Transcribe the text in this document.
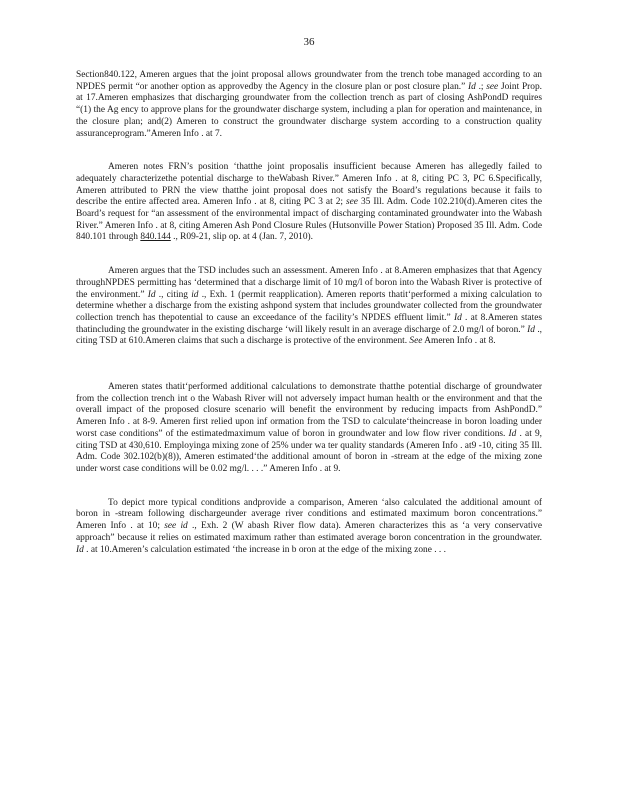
36

Section840.122, Ameren argues that the joint proposal allows groundwater from the trench tobe managed according to an NPDES permit “or another option as approvedby the Agency in the closure plan or post closure plan.” Id .; see Joint Prop. at 17.Ameren emphasizes that discharging groundwater from the collection trench as part of closing AshPondD requires “(1) the Ag ency to approve plans for the groundwater discharge system, including a plan for operation and maintenance, in the closure plan; and(2) Ameren to construct the groundwater discharge system according to a construction quality assuranceprogram.”Ameren Info . at 7.

Ameren notes FRN’s position ‘thatthe joint proposalis insufficient because Ameren has allegedly failed to adequately characterizethe potential discharge to theWabash River.” Ameren Info . at 8, citing PC 3, PC 6.Specifically, Ameren attributed to PRN the view thatthe joint proposal does not satisfy the Board’s regulations because it fails to describe the entire affected area. Ameren Info . at 8, citing PC 3 at 2; see 35 Ill. Adm. Code 102.210(d).Ameren cites the Board’s request for “an assessment of the environmental impact of discharging contaminated groundwater into the Wabash River.” Ameren Info . at 8, citing Ameren Ash Pond Closure Rules (Hutsonville Power Station) Proposed 35 Ill. Adm. Code 840.101 through 840.144 ., R09-21, slip op. at 4 (Jan. 7, 2010).

Ameren argues that the TSD includes such an assessment. Ameren Info . at 8.Ameren emphasizes that that Agency throughNPDES permitting has ‘determined that a discharge limit of 10 mg/l of boron into the Wabash River is protective of the environment.” Id ., citing id ., Exh. 1 (permit reapplication). Ameren reports thatit‘performed a mixing calculation to determine whether a discharge from the existing ashpond system that includes groundwater collected from the groundwater collection trench has thepotential to cause an exceedance of the facility’s NPDES effluent limit.” Id . at 8.Ameren states thatincluding the groundwater in the existing discharge ‘will likely result in an average discharge of 2.0 mg/l of boron.” Id ., citing TSD at 610.Ameren claims that such a discharge is protective of the environment. See Ameren Info . at 8.

Ameren states thatit‘performed additional calculations to demonstrate thatthe potential discharge of groundwater from the collection trench int o the Wabash River will not adversely impact human health or the environment and that the overall impact of the proposed closure scenario will benefit the environment by reducing impacts from AshPondD.” Ameren Info . at 8-9. Ameren first relied upon inf ormation from the TSD to calculate‘theincrease in boron loading under worst case conditions” of the estimatedmaximum value of boron in groundwater and low flow river conditions. Id . at 9, citing TSD at 430,610. Employinga mixing zone of 25% under wa ter quality standards (Ameren Info . at9 -10, citing 35 Ill. Adm. Code 302.102(b)(8)), Ameren estimated‘the additional amount of boron in -stream at the edge of the mixing zone under worst case conditions will be 0.02 mg/l. . . .” Ameren Info . at 9.

To depict more typical conditions andprovide a comparison, Ameren ‘also calculated the additional amount of boron in -stream following dischargeunder average river conditions and estimated maximum boron concentrations.” Ameren Info . at 10; see id ., Exh. 2 (W abash River flow data). Ameren characterizes this as ‘a very conservative approach” because it relies on estimated maximum rather than estimated average boron concentration in the groundwater. Id . at 10.Ameren’s calculation estimated ‘the increase in b oron at the edge of the mixing zone . . .
